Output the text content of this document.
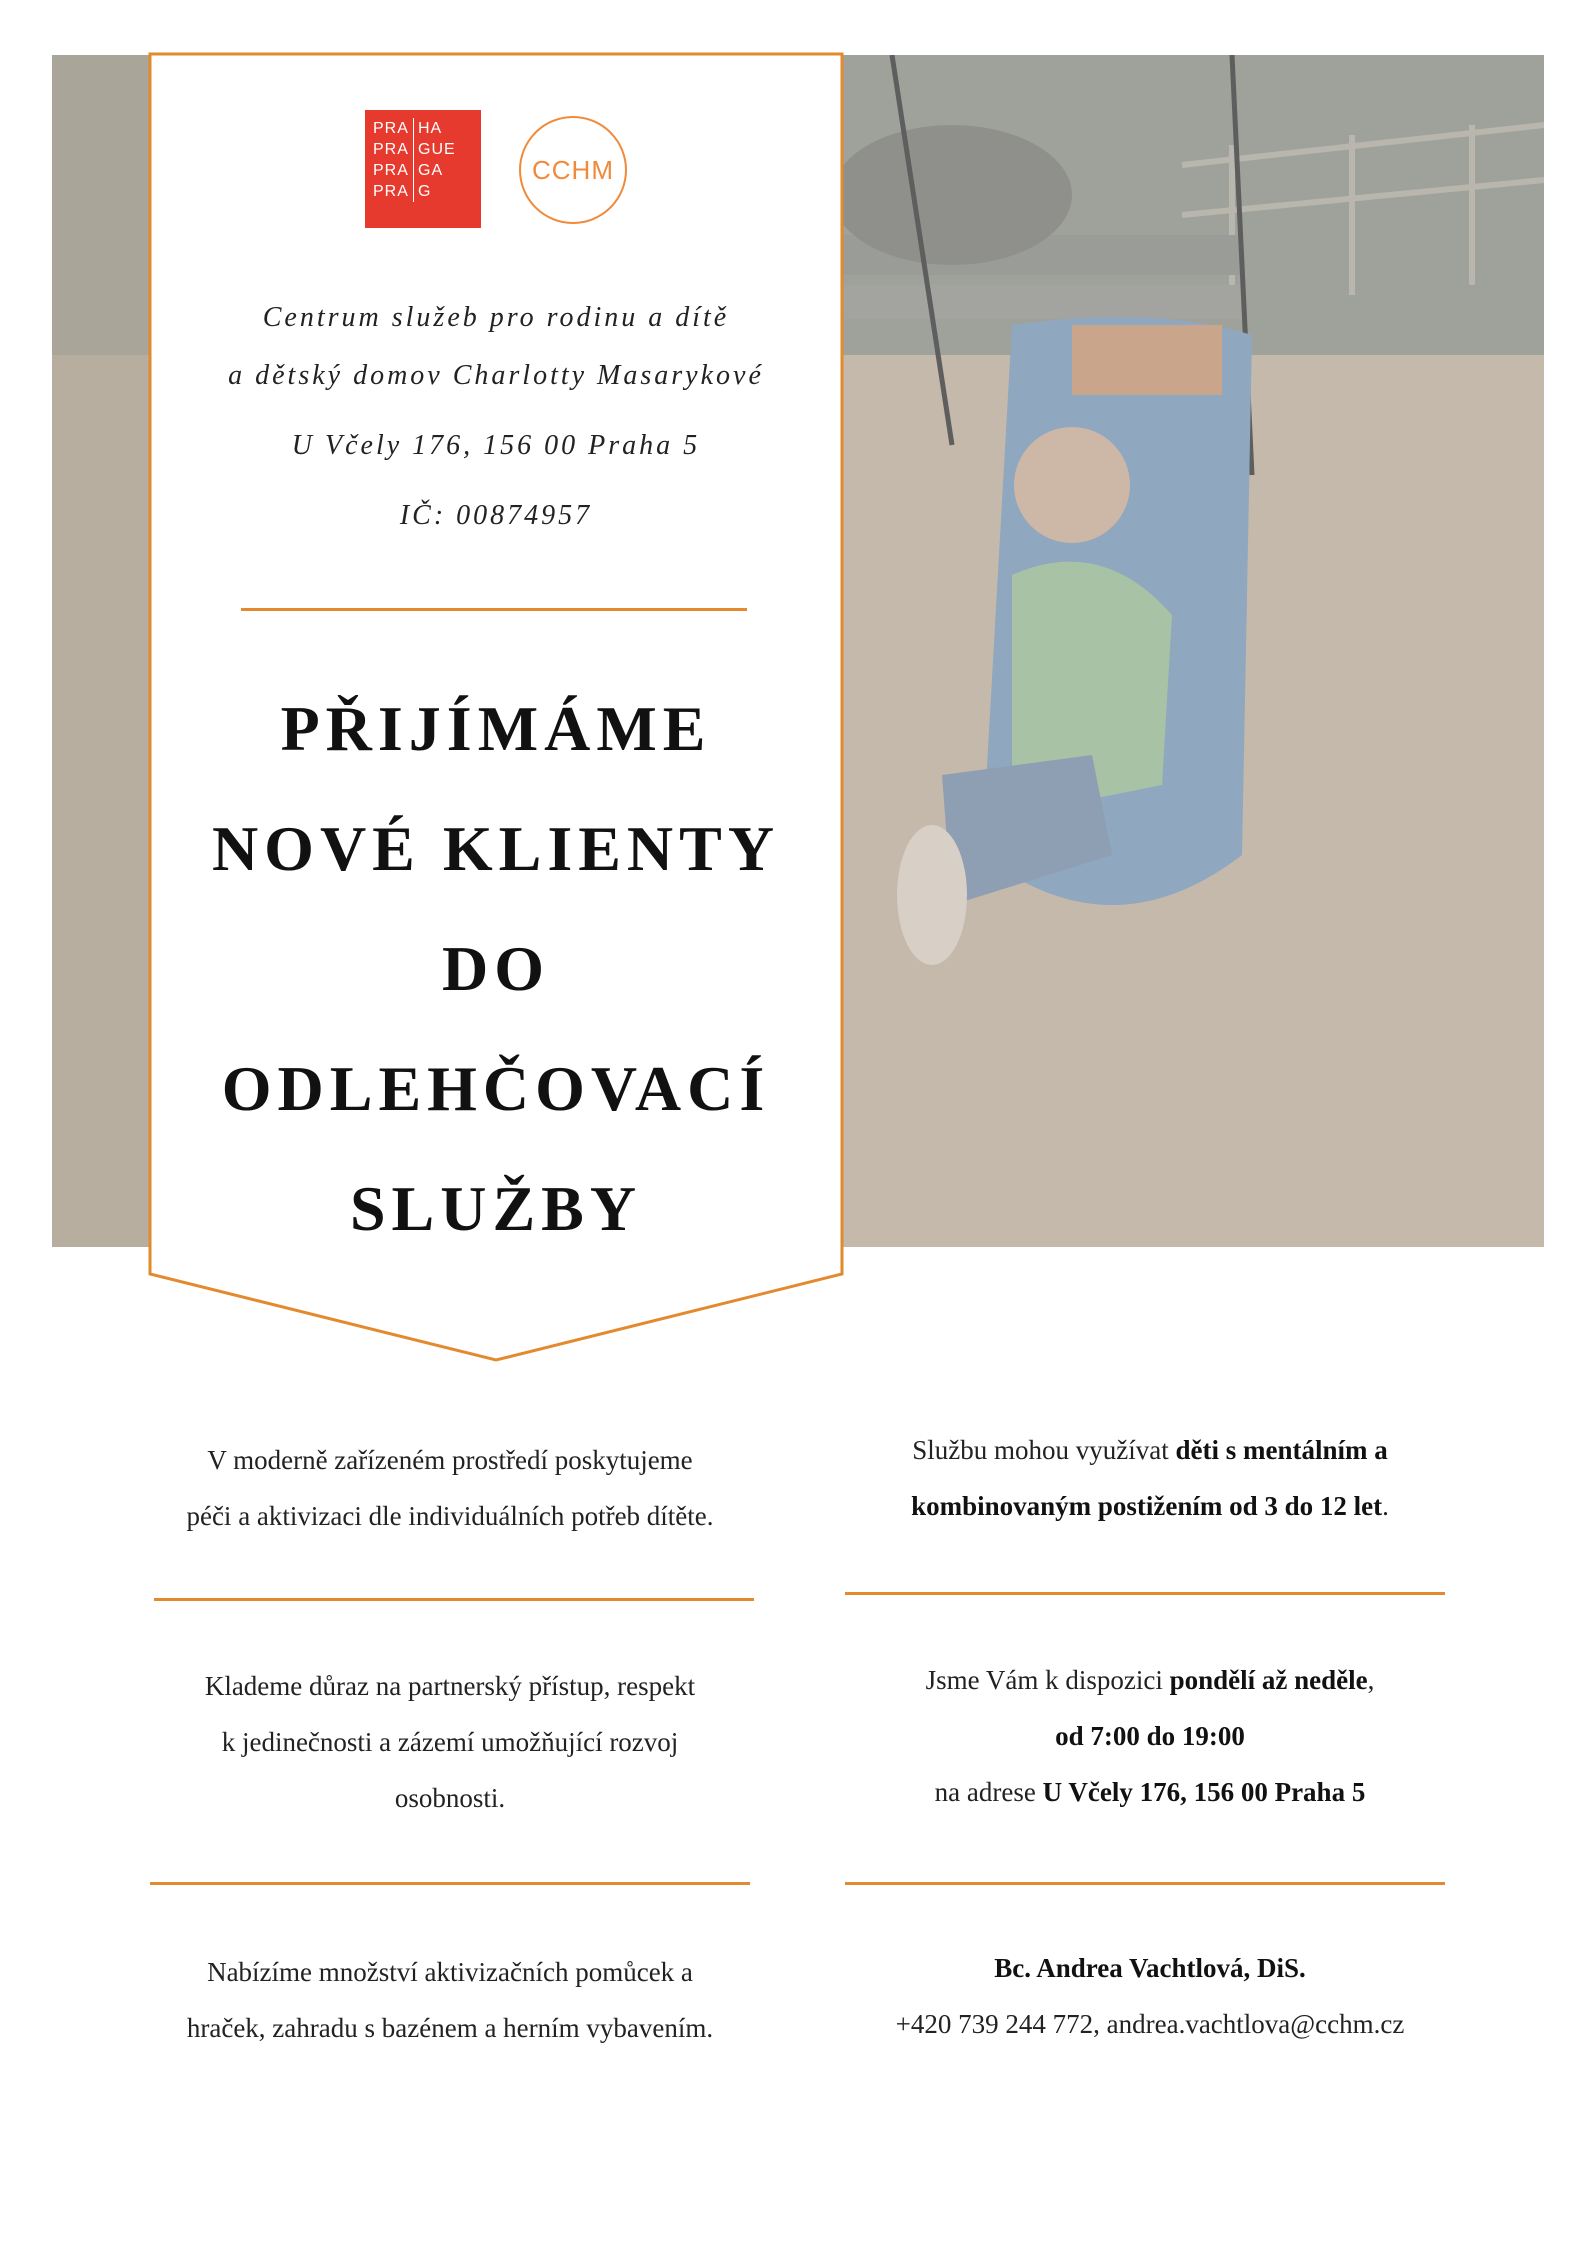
PRA HA
PRA GUE
PRA GA
PRA G
CCHM
Centrum služeb pro rodinu a dítě
a dětský domov Charlotty Masarykové
U Včely 176, 156 00 Praha 5
IČ: 00874957
PŘIJÍMÁME
NOVÉ KLIENTY
DO
ODLEHČOVACÍ
SLUŽBY
V moderně zařízeném prostředí poskytujeme
péči a aktivizaci dle individuálních potřeb dítěte.
Klademe důraz na partnerský přístup, respekt
k jedinečnosti a zázemí umožňující rozvoj
osobnosti.
Nabízíme množství aktivizačních pomůcek a
hraček, zahradu s bazénem a herním vybavením.
Službu mohou využívat děti s mentálním a
kombinovaným postižením od 3 do 12 let.
Jsme Vám k dispozici pondělí až neděle,
od 7:00 do 19:00
na adrese U Včely 176, 156 00 Praha 5
Bc. Andrea Vachtlová, DiS.
+420 739 244 772, andrea.vachtlova@cchm.cz
